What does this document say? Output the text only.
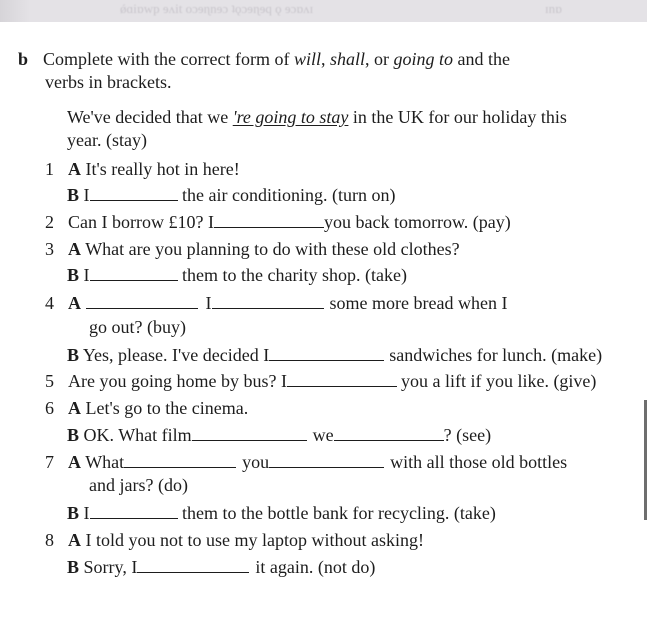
ǿɑiɒwp ɘʌit oɔɘɳnɘɔ ʇǫɔɘɳɘq ǫ ɘɔɒʌɪ	ɪnɒ
b Complete with the correct form of will, shall, or going to and the
verbs in brackets.
We've decided that we 're going to stay in the UK for our holiday this
year. (stay)
1 A It's really hot in here!
B I	the air conditioning. (turn on)
2 Can I borrow £10? I	you back tomorrow. (pay)
3 A What are you planning to do with these old clothes?
B I	them to the charity shop. (take)
4 A	I	some more bread when I
go out? (buy)
B Yes, please. I've decided I	sandwiches for lunch. (make)
5 Are you going home by bus? I	you a lift if you like. (give)
6 A Let's go to the cinema.
B OK. What film	we	? (see)
7 A What	you	with all those old bottles
and jars? (do)
B I	them to the bottle bank for recycling. (take)
8 A I told you not to use my laptop without asking!
B Sorry, I	it again. (not do)
